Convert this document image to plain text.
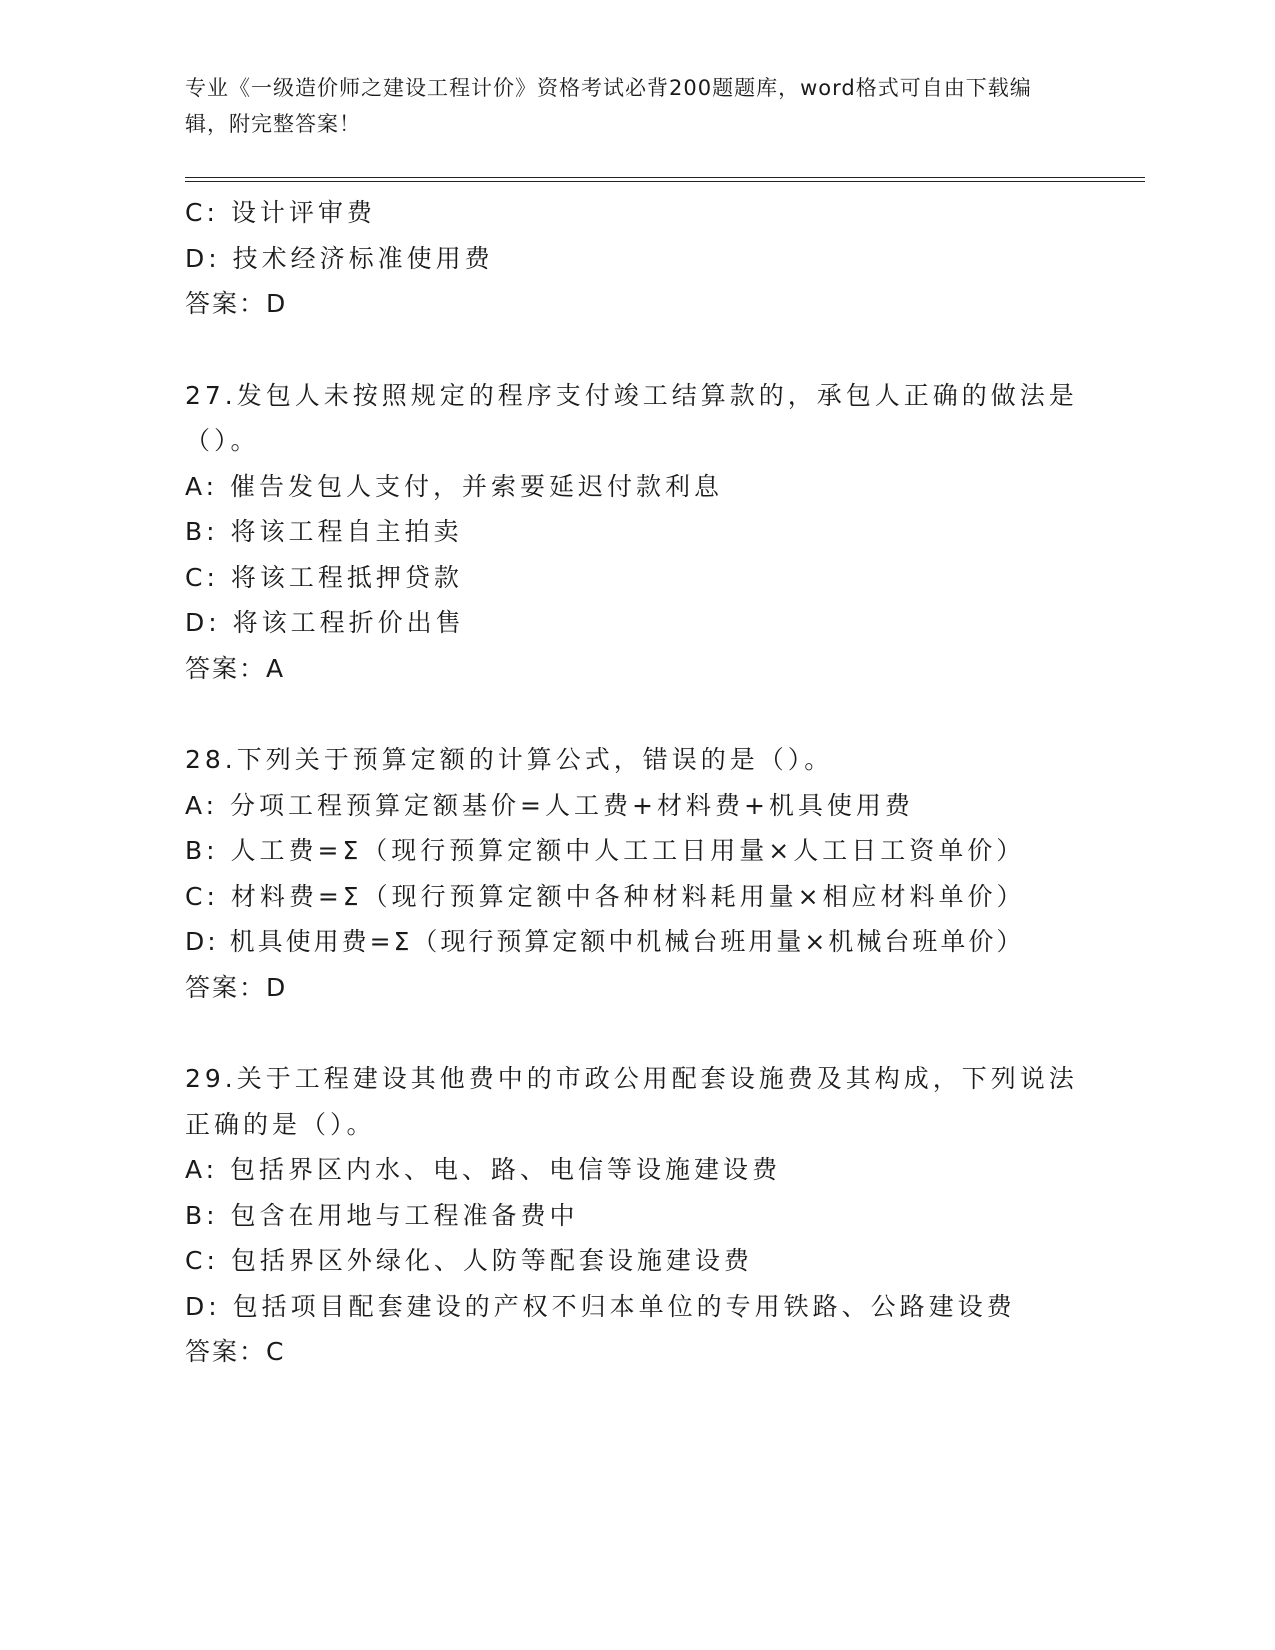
专业《一级造价师之建设工程计价》资格考试必背200题题库，word格式可自由下载编辑，附完整答案！
C: 设计评审费
D: 技术经济标准使用费
答案：D
27.发包人未按照规定的程序支付竣工结算款的，承包人正确的做法是
（）。
A: 催告发包人支付，并索要延迟付款利息
B: 将该工程自主拍卖
C: 将该工程抵押贷款
D: 将该工程折价出售
答案：A
28.下列关于预算定额的计算公式，错误的是（）。
A: 分项工程预算定额基价=人工费+材料费+机具使用费
B: 人工费=Σ（现行预算定额中人工工日用量×人工日工资单价）
C: 材料费=Σ（现行预算定额中各种材料耗用量×相应材料单价）
D: 机具使用费=Σ（现行预算定额中机械台班用量×机械台班单价）
答案：D
29.关于工程建设其他费中的市政公用配套设施费及其构成，下列说法
正确的是（）。
A: 包括界区内水、电、路、电信等设施建设费
B: 包含在用地与工程准备费中
C: 包括界区外绿化、人防等配套设施建设费
D: 包括项目配套建设的产权不归本单位的专用铁路、公路建设费
答案：C
